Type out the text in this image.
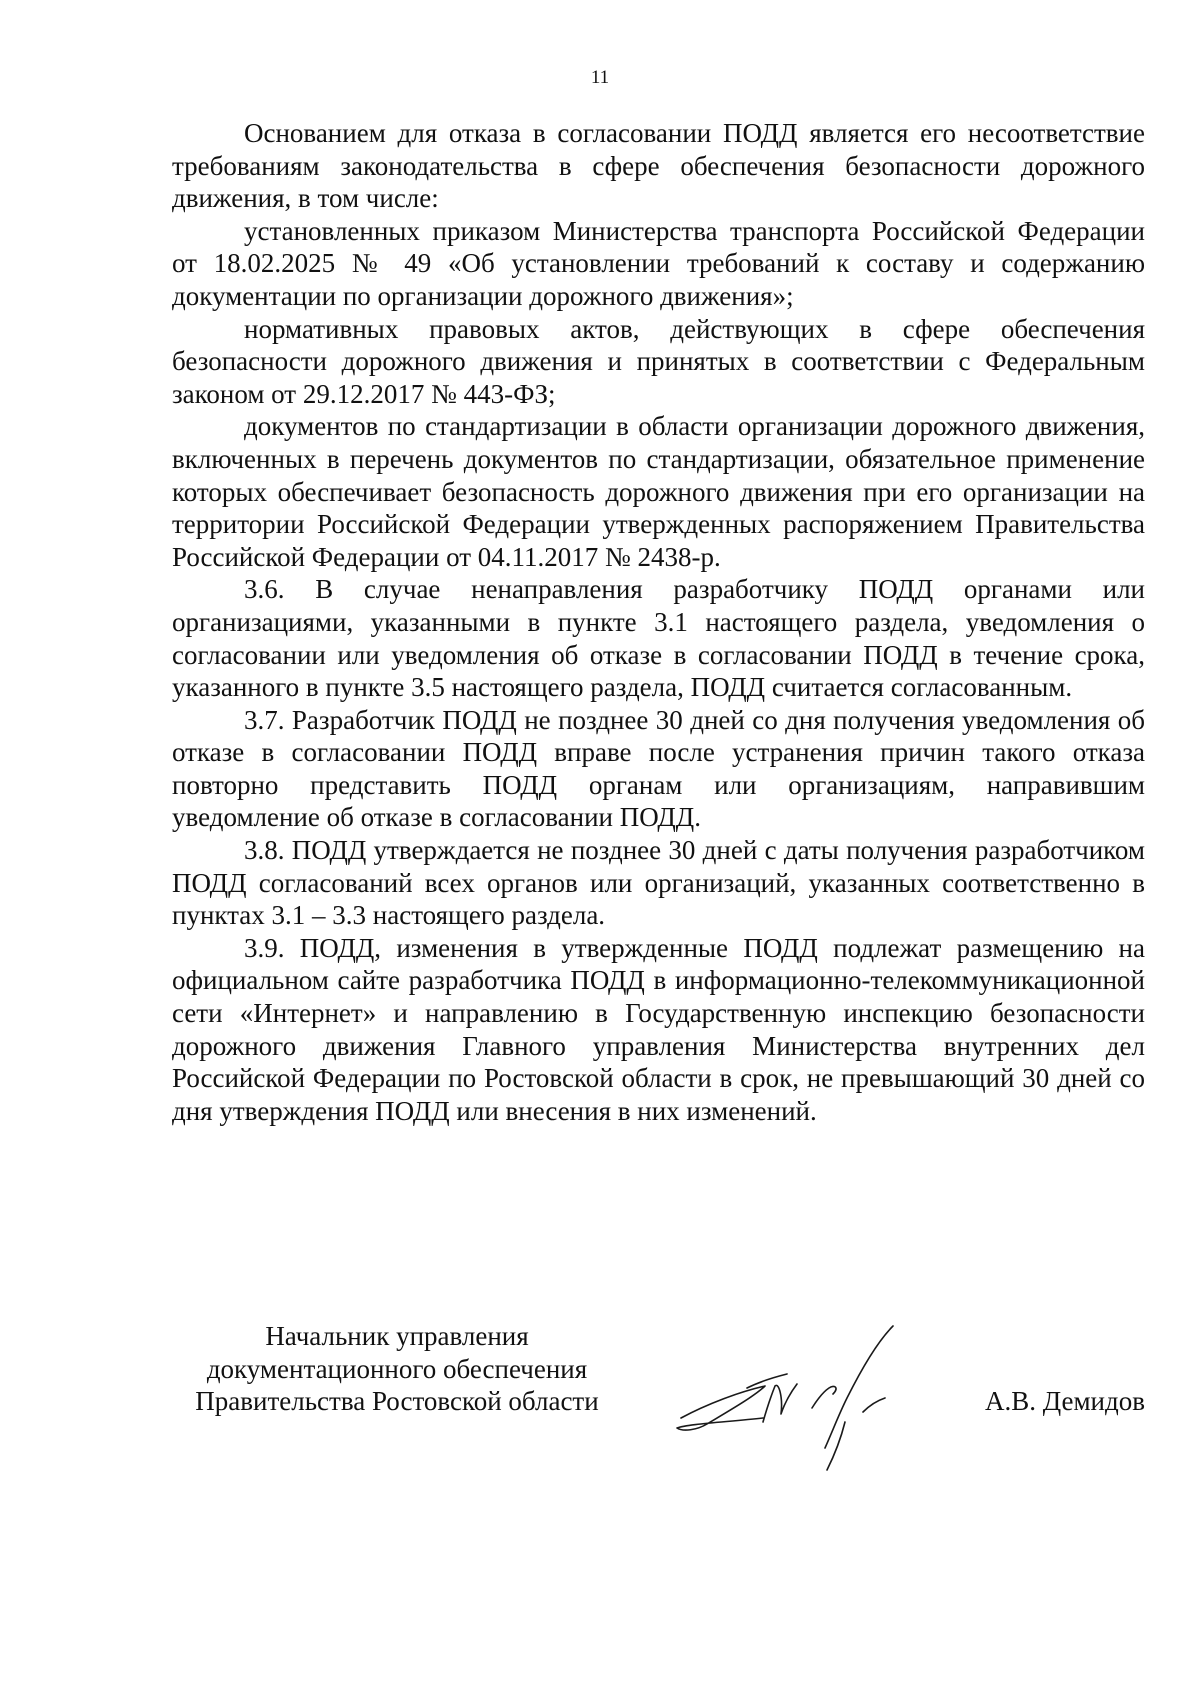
11

Основанием для отказа в согласовании ПОДД является его несоответствие требованиям законодательства в сфере обеспечения безопасности дорожного движения, в том числе:

установленных приказом Министерства транспорта Российской Федерации от 18.02.2025 № 49 «Об установлении требований к составу и содержанию документации по организации дорожного движения»;

нормативных правовых актов, действующих в сфере обеспечения безопасности дорожного движения и принятых в соответствии с Федеральным законом от 29.12.2017 № 443-ФЗ;

документов по стандартизации в области организации дорожного движения, включенных в перечень документов по стандартизации, обязательное применение которых обеспечивает безопасность дорожного движения при его организации на территории Российской Федерации утвержденных распоряжением Правительства Российской Федерации от 04.11.2017 № 2438-р.

3.6. В случае ненаправления разработчику ПОДД органами или организациями, указанными в пункте 3.1 настоящего раздела, уведомления о согласовании или уведомления об отказе в согласовании ПОДД в течение срока, указанного в пункте 3.5 настоящего раздела, ПОДД считается согласованным.

3.7. Разработчик ПОДД не позднее 30 дней со дня получения уведомления об отказе в согласовании ПОДД вправе после устранения причин такого отказа повторно представить ПОДД органам или организациям, направившим уведомление об отказе в согласовании ПОДД.

3.8. ПОДД утверждается не позднее 30 дней с даты получения разработчиком ПОДД согласований всех органов или организаций, указанных соответственно в пунктах 3.1 – 3.3 настоящего раздела.

3.9. ПОДД, изменения в утвержденные ПОДД подлежат размещению на официальном сайте разработчика ПОДД в информационно-телекоммуникационной сети «Интернет» и направлению в Государственную инспекцию безопасности дорожного движения Главного управления Министерства внутренних дел Российской Федерации по Ростовской области в срок, не превышающий 30 дней со дня утверждения ПОДД или внесения в них изменений.

Начальник управления
документационного обеспечения
Правительства Ростовской области	А.В. Демидов
